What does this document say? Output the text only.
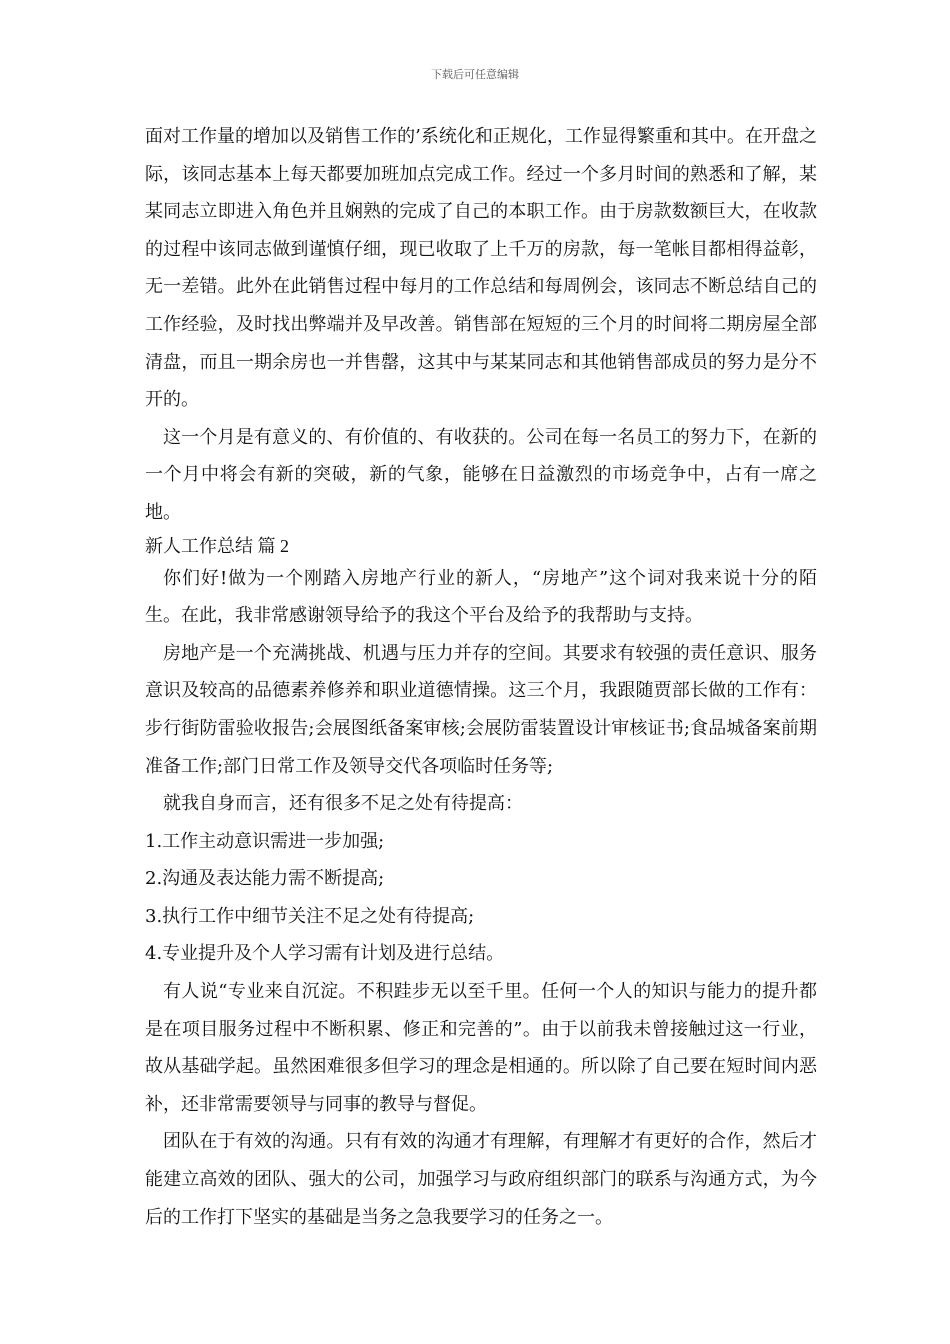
下载后可任意编辑

面对工作量的增加以及销售工作的’系统化和正规化，工作显得繁重和其中。在开盘之际，该同志基本上每天都要加班加点完成工作。经过一个多月时间的熟悉和了解，某某同志立即进入角色并且娴熟的完成了自己的本职工作。由于房款数额巨大，在收款的过程中该同志做到谨慎仔细，现已收取了上千万的房款，每一笔帐目都相得益彰，无一差错。此外在此销售过程中每月的工作总结和每周例会，该同志不断总结自己的工作经验，及时找出弊端并及早改善。销售部在短短的三个月的时间将二期房屋全部清盘，而且一期余房也一并售罄，这其中与某某同志和其他销售部成员的努力是分不开的。

这一个月是有意义的、有价值的、有收获的。公司在每一名员工的努力下，在新的一个月中将会有新的突破，新的气象，能够在日益激烈的市场竞争中，占有一席之地。

新人工作总结 篇 2

你们好!做为一个刚踏入房地产行业的新人，“房地产”这个词对我来说十分的陌生。在此，我非常感谢领导给予的我这个平台及给予的我帮助与支持。

房地产是一个充满挑战、机遇与压力并存的空间。其要求有较强的责任意识、服务意识及较高的品德素养修养和职业道德情操。这三个月，我跟随贾部长做的工作有：步行街防雷验收报告;会展图纸备案审核;会展防雷装置设计审核证书;食品城备案前期准备工作;部门日常工作及领导交代各项临时任务等;

就我自身而言，还有很多不足之处有待提高：

1.工作主动意识需进一步加强;

2.沟通及表达能力需不断提高;

3.执行工作中细节关注不足之处有待提高;

4.专业提升及个人学习需有计划及进行总结。

有人说“专业来自沉淀。不积跬步无以至千里。任何一个人的知识与能力的提升都是在项目服务过程中不断积累、修正和完善的”。由于以前我未曾接触过这一行业，故从基础学起。虽然困难很多但学习的理念是相通的。所以除了自己要在短时间内恶补，还非常需要领导与同事的教导与督促。

团队在于有效的沟通。只有有效的沟通才有理解，有理解才有更好的合作，然后才能建立高效的团队、强大的公司，加强学习与政府组织部门的联系与沟通方式，为今后的工作打下坚实的基础是当务之急我要学习的任务之一。
